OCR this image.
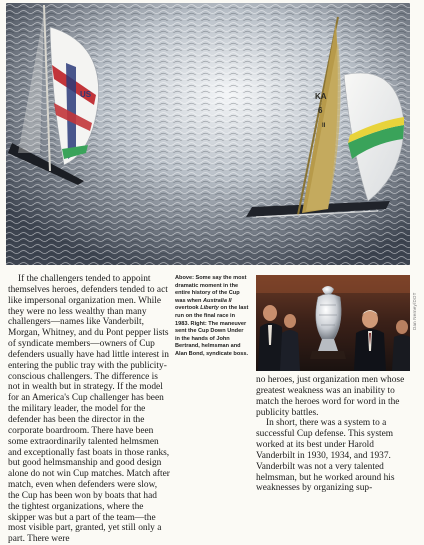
US	KA
6
II
Dan Nerney/DOT

If the challengers tended to appoint themselves heroes, defenders tended to act like impersonal organization men. While they were no less wealthy than many challengers—names like Vanderbilt, Morgan, Whitney, and du Pont pepper lists of syndicate members—owners of Cup defenders usually have had little interest in entering the public tray with the publicity-conscious challengers. The difference is not in wealth but in strategy. If the model for an America's Cup challenger has been the military leader, the model for the defender has been the director in the corporate boardroom. There have been some extraordinarily talented helmsmen and exceptionally fast boats in those ranks, but good helmsmanship and good design alone do not win Cup matches. Match after match, even when defenders were slow, the Cup has been won by boats that had the tightest organizations, where the skipper was but a part of the team—the most visible part, granted, yet still only a part. There were

Above: Some say the most dramatic moment in the entire history of the Cup was when Australia II overtook Liberty on the last run on the final race in 1983. Right: The maneuver sent the Cup Down Under in the hands of John Bertrand, helmsman and Alan Bond, syndicate boss.

no heroes, just organization men whose greatest weakness was an inability to match the heroes word for word in the publicity battles.

In short, there was a system to a successful Cup defense. This system worked at its best under Harold Vanderbilt in 1930, 1934, and 1937. Vanderbilt was not a very talented helmsman, but he worked around his weaknesses by organizing sup-
